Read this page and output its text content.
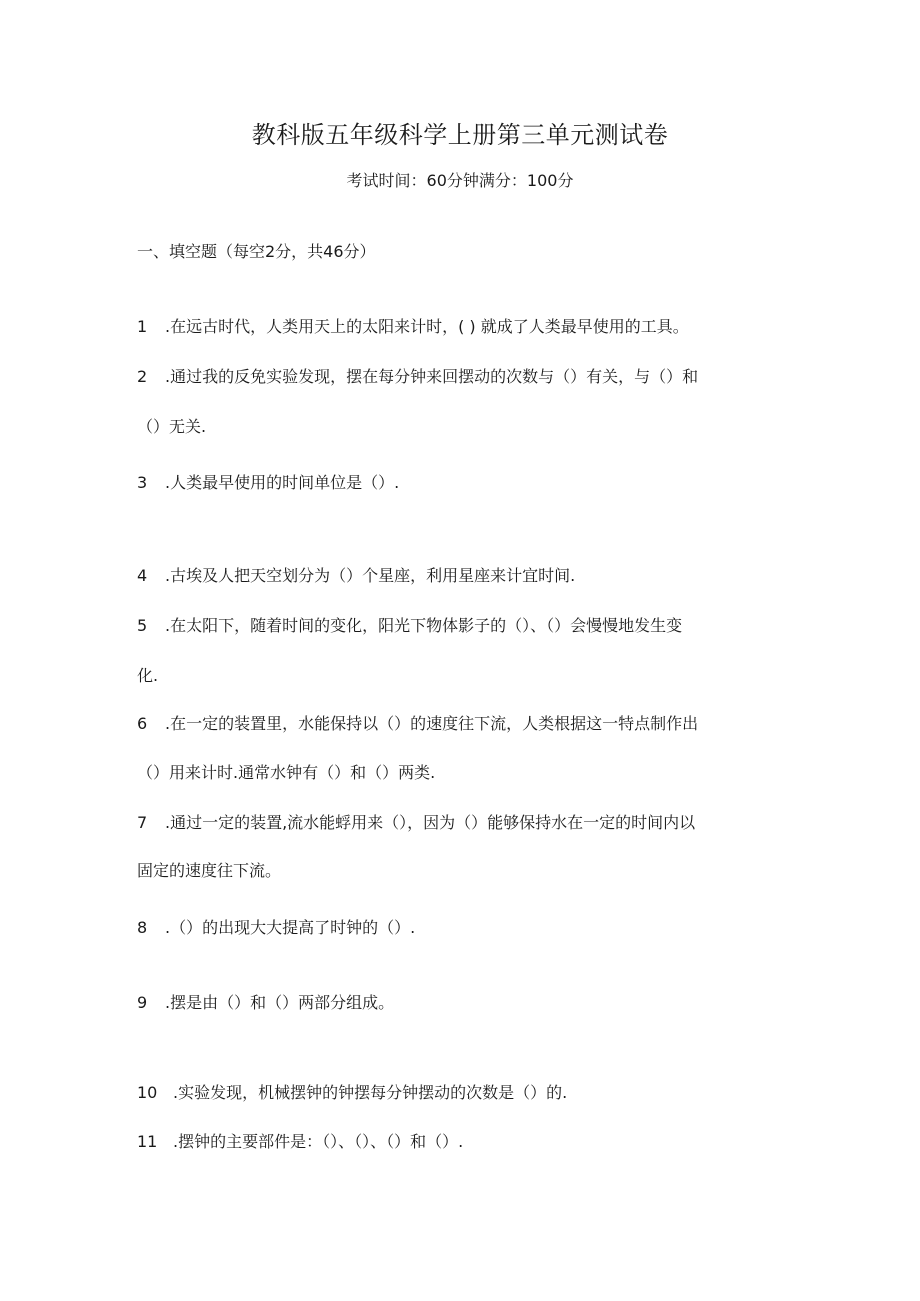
教科版五年级科学上册第三单元测试卷
考试时间：60分钟满分：100分
一、填空题（每空2分，共46分）
1 .在远古时代，人类用天上的太阳来计时，( ) 就成了人类最早使用的工具。
2 .通过我的反免实验发现，摆在每分钟来回摆动的次数与（）有关，与（）和
（）无关.
3 .人类最早使用的时间单位是（）.
4 .古埃及人把天空划分为（）个星座，利用星座来计宜时间.
5 .在太阳下，随着时间的变化，阳光下物体影子的（）、（）会慢慢地发生变
化.
6 .在一定的装置里，水能保持以（）的速度往下流，人类根据这一特点制作出
（）用来计时.通常水钟有（）和（）两类.
7 .通过一定的装置,流水能蜉用来（），因为（）能够保持水在一定的时间内以
固定的速度往下流。
8 .（）的出现大大提高了时钟的（）.
9 .摆是由（）和（）两部分组成。
10 .实验发现，机械摆钟的钟摆每分钟摆动的次数是（）的.
11 .摆钟的主要部件是：（）、（）、（）和（）.
